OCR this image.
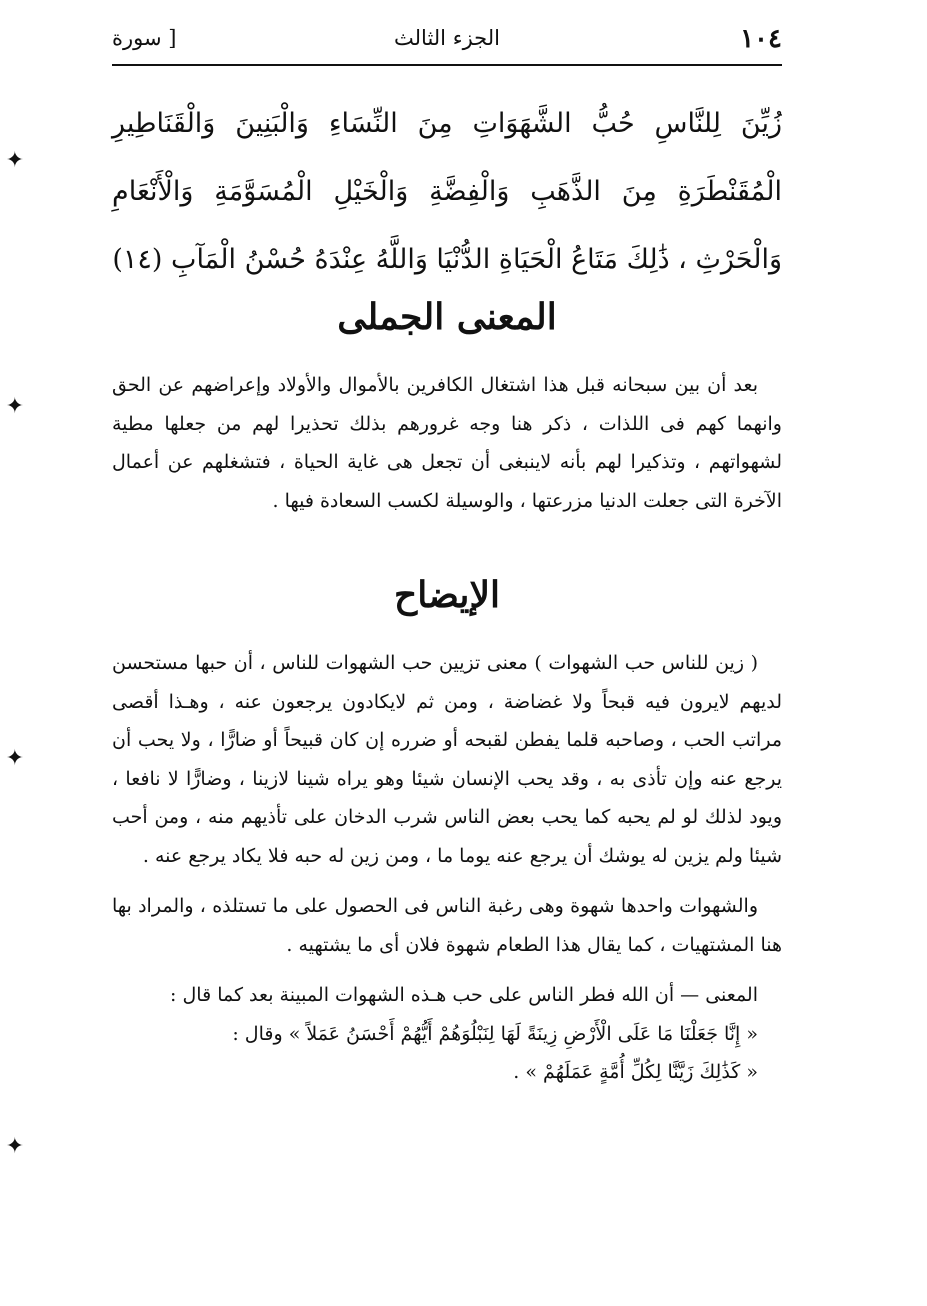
١٠٤
الجزء الثالث
[ سورة
زُيِّنَ لِلنَّاسِ حُبُّ الشَّهَوَاتِ مِنَ النِّسَاءِ وَالْبَنِينَ وَالْقَنَاطِيرِ الْمُقَنْطَرَةِ مِنَ الذَّهَبِ وَالْفِضَّةِ وَالْخَيْلِ الْمُسَوَّمَةِ وَالْأَنْعَامِ وَالْحَرْثِ ، ذَٰلِكَ مَتَاعُ الْحَيَاةِ الدُّنْيَا وَاللَّهُ عِنْدَهُ حُسْنُ الْمَآبِ (١٤)
المعنى الجملى

بعد أن بين سبحانه قبل هذا اشتغال الكافرين بالأموال والأولاد وإعراضهم عن الحق وانهما كهم فى اللذات ، ذكر هنا وجه غرورهم بذلك تحذيرا لهم من جعلها مطية لشهواتهم ، وتذكيرا لهم بأنه لاينبغى أن تجعل هى غاية الحياة ، فتشغلهم عن أعمال الآخرة التى جعلت الدنيا مزرعتها ، والوسيلة لكسب السعادة فيها .

الإيضاح

( زين للناس حب الشهوات ) معنى تزيين حب الشهوات للناس ، أن حبها مستحسن لديهم لايرون فيه قبحاً ولا غضاضة ، ومن ثم لايكادون يرجعون عنه ، وهـذا أقصى مراتب الحب ، وصاحبه قلما يفطن لقبحه أو ضرره إن كان قبيحاً أو ضارًّا ، ولا يحب أن يرجع عنه وإن تأذى به ، وقد يحب الإنسان شيئا وهو يراه شينا لازينا ، وضارًّا لا نافعا ، ويود لذلك لو لم يحبه كما يحب بعض الناس شرب الدخان على تأذيهم منه ، ومن أحب شيئا ولم يزين له يوشك أن يرجع عنه يوما ما ، ومن زين له حبه فلا يكاد يرجع عنه .

والشهوات واحدها شهوة وهى رغبة الناس فى الحصول على ما تستلذه ، والمراد بها هنا المشتهيات ، كما يقال هذا الطعام شهوة فلان أى ما يشتهيه .

المعنى — أن الله فطر الناس على حب هـذه الشهوات المبينة بعد كما قال :
« إِنَّا جَعَلْنَا مَا عَلَى الْأَرْضِ زِينَةً لَهَا لِنَبْلُوَهُمْ أَيُّهُمْ أَحْسَنُ عَمَلاً » وقال :
« كَذَٰلِكَ زَيَّنَّا لِكُلِّ أُمَّةٍ عَمَلَهُمْ » .

✦
✦
✦
✦
